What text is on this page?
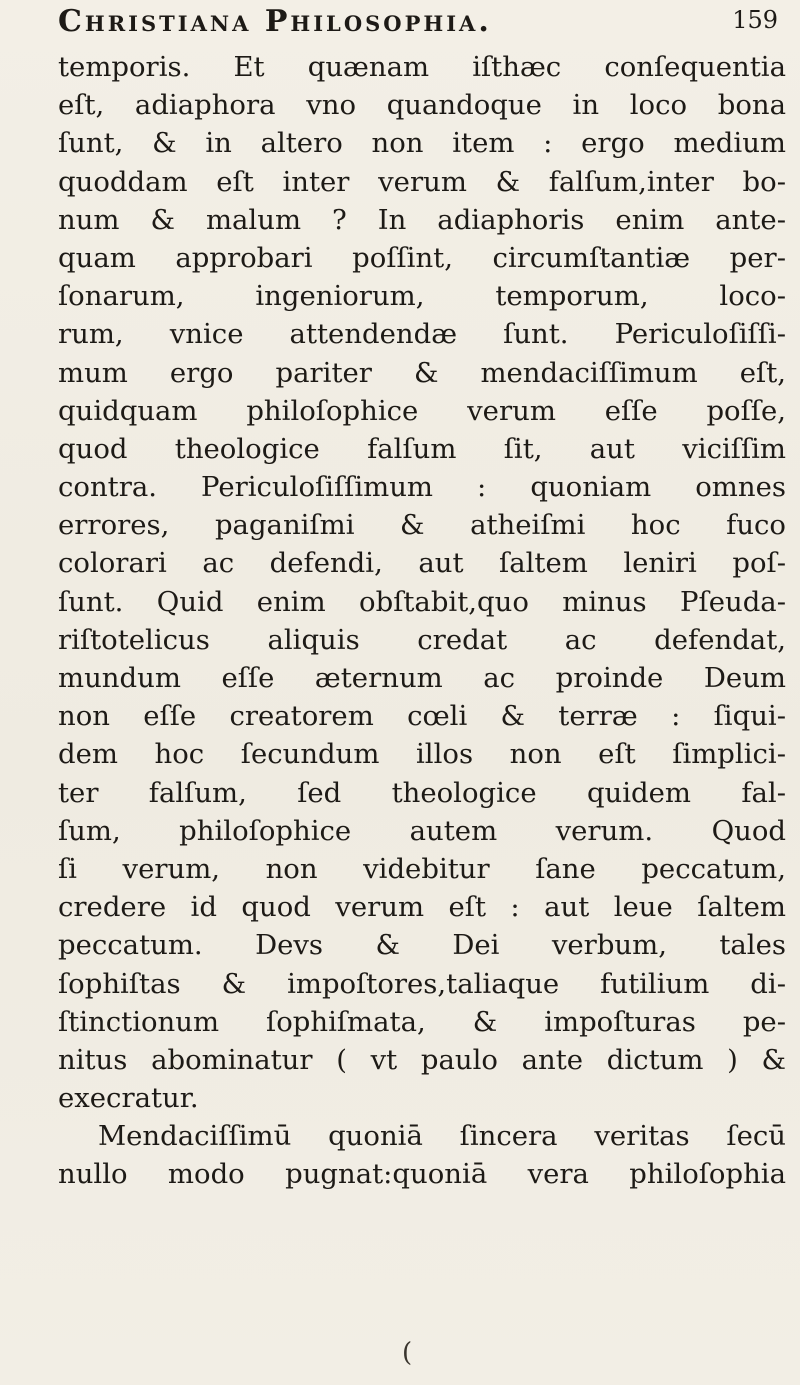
Christiana Philosophia.	159
temporis. Et quænam iſthæc conſequentia
eſt, adiaphora vno quandoque in loco bona
ſunt, & in altero non item : ergo medium
quoddam eſt inter verum & falſum,inter bo-
num & malum ? In adiaphoris enim ante-
quam approbari poſſint, circumſtantiæ per-
ſonarum, ingeniorum, temporum, loco-
rum, vnice attendendæ ſunt. Periculoſiſſi-
mum ergo pariter & mendaciſſimum eſt,
quidquam philoſophice verum eſſe poſſe,
quod theologice falſum ſit, aut viciſſim
contra. Periculoſiſſimum : quoniam omnes
errores, paganiſmi & atheiſmi hoc fuco
colorari ac defendi, aut ſaltem leniri poſ-
ſunt. Quid enim obſtabit,quo minus Pſeuda-
riſtotelicus aliquis credat ac defendat,
mundum eſſe æternum ac proinde Deum
non eſſe creatorem cœli & terræ : ſiqui-
dem hoc ſecundum illos non eſt ſimplici-
ter falſum, ſed theologice quidem fal-
ſum, philoſophice autem verum. Quod
ſi verum, non videbitur ſane peccatum,
credere id quod verum eſt : aut leue ſaltem
peccatum. Devs & Dei verbum, tales
ſophiſtas & impoſtores,taliaque futilium di-
ſtinctionum ſophiſmata, & impoſturas pe-
nitus abominatur ( vt paulo ante dictum ) &
execratur.
Mendaciſſimū quoniā ſincera veritas ſecū
nullo modo pugnat:quoniā vera philoſophia
(
